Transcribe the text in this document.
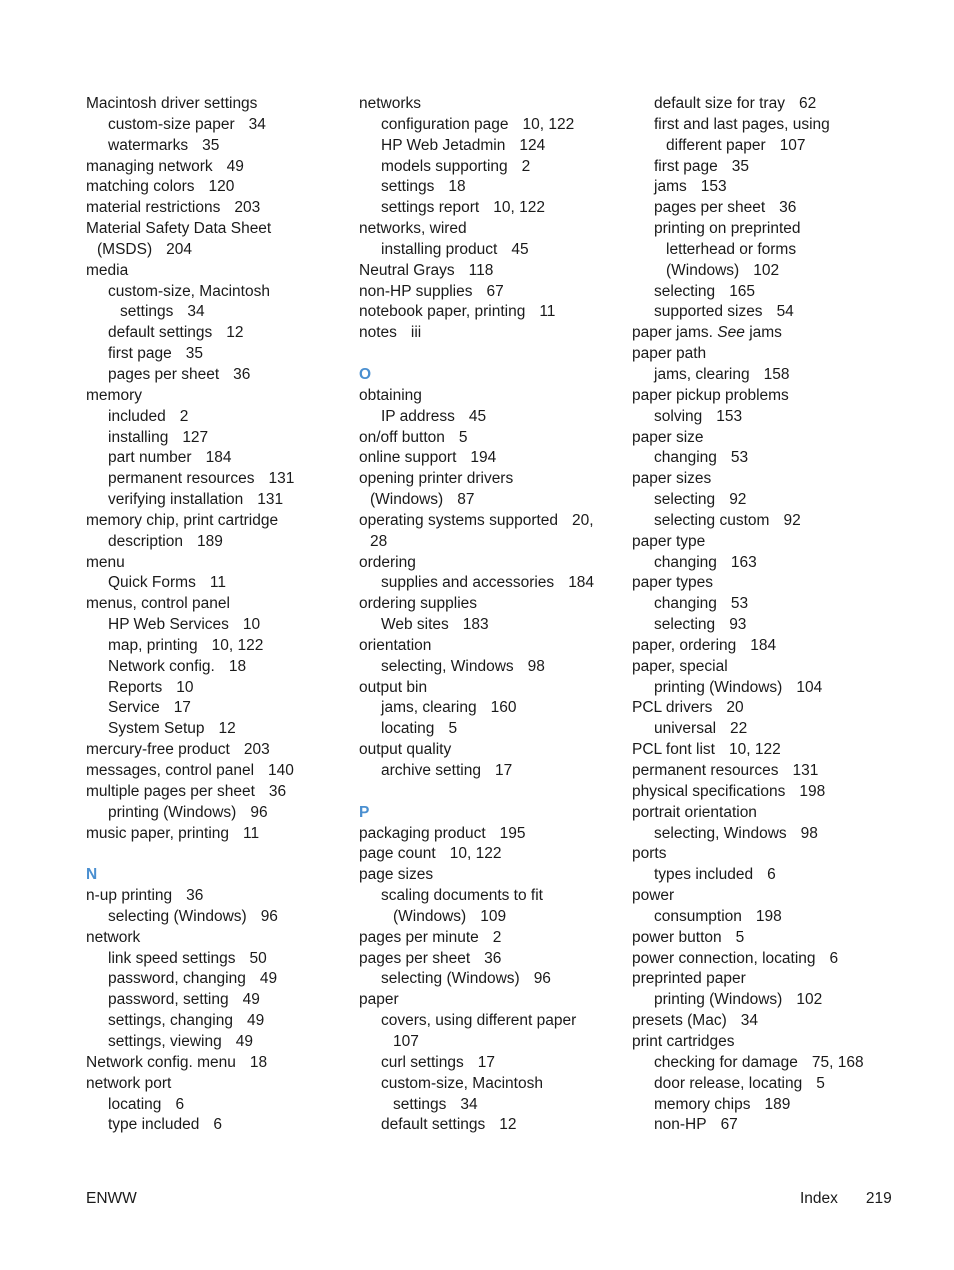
Macintosh driver settings
custom-size paper 34
watermarks 35
managing network 49
matching colors 120
material restrictions 203
Material Safety Data Sheet
(MSDS) 204
media
custom-size, Macintosh
settings 34
default settings 12
first page 35
pages per sheet 36
memory
included 2
installing 127
part number 184
permanent resources 131
verifying installation 131
memory chip, print cartridge
description 189
menu
Quick Forms 11
menus, control panel
HP Web Services 10
map, printing 10, 122
Network config. 18
Reports 10
Service 17
System Setup 12
mercury-free product 203
messages, control panel 140
multiple pages per sheet 36
printing (Windows) 96
music paper, printing 11
N
n-up printing 36
selecting (Windows) 96
network
link speed settings 50
password, changing 49
password, setting 49
settings, changing 49
settings, viewing 49
Network config. menu 18
network port
locating 6
type included 6
networks
configuration page 10, 122
HP Web Jetadmin 124
models supporting 2
settings 18
settings report 10, 122
networks, wired
installing product 45
Neutral Grays 118
non-HP supplies 67
notebook paper, printing 11
notes iii
O
obtaining
IP address 45
on/off button 5
online support 194
opening printer drivers
(Windows) 87
operating systems supported 20,
28
ordering
supplies and accessories 184
ordering supplies
Web sites 183
orientation
selecting, Windows 98
output bin
jams, clearing 160
locating 5
output quality
archive setting 17
P
packaging product 195
page count 10, 122
page sizes
scaling documents to fit
(Windows) 109
pages per minute 2
pages per sheet 36
selecting (Windows) 96
paper
covers, using different paper
107
curl settings 17
custom-size, Macintosh
settings 34
default settings 12
default size for tray 62
first and last pages, using
different paper 107
first page 35
jams 153
pages per sheet 36
printing on preprinted
letterhead or forms
(Windows) 102
selecting 165
supported sizes 54
paper jams. See jams
paper path
jams, clearing 158
paper pickup problems
solving 153
paper size
changing 53
paper sizes
selecting 92
selecting custom 92
paper type
changing 163
paper types
changing 53
selecting 93
paper, ordering 184
paper, special
printing (Windows) 104
PCL drivers 20
universal 22
PCL font list 10, 122
permanent resources 131
physical specifications 198
portrait orientation
selecting, Windows 98
ports
types included 6
power
consumption 198
power button 5
power connection, locating 6
preprinted paper
printing (Windows) 102
presets (Mac) 34
print cartridges
checking for damage 75, 168
door release, locating 5
memory chips 189
non-HP 67
ENWW	Index 219
